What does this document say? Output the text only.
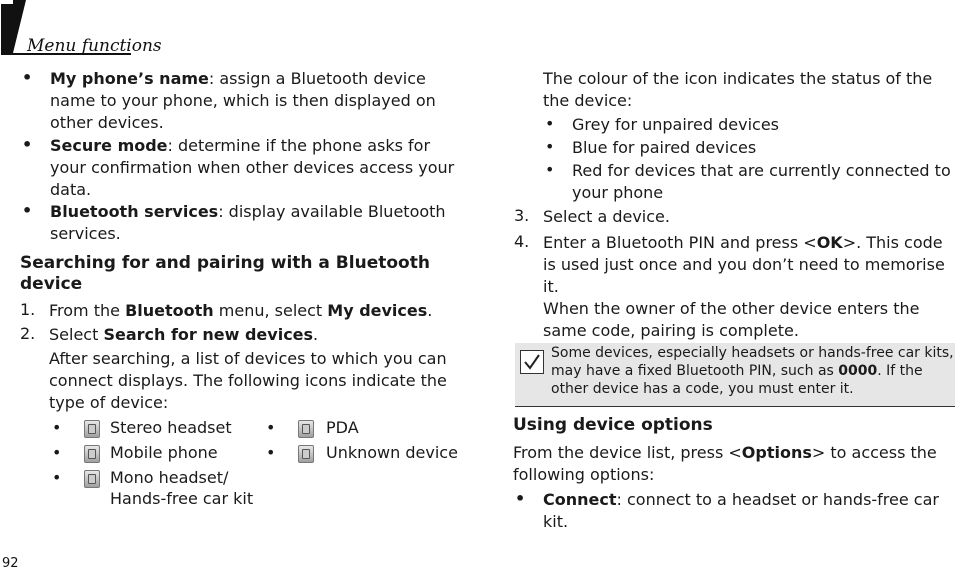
Menu functions
• My phone’s name: assign a Bluetooth device name to your phone, which is then displayed on other devices.
• Secure mode: determine if the phone asks for your confirmation when other devices access your data.
• Bluetooth services: display available Bluetooth services.
Searching for and pairing with a Bluetooth device
1. From the Bluetooth menu, select My devices.
2. Select Search for new devices.
After searching, a list of devices to which you can connect displays. The following icons indicate the type of device:
•	Stereo headset •	PDA
•	Mobile phone	•	Unknown device
•	Mono headset/
Hands-free car kit
The colour of the icon indicates the status of the the device:
• Grey for unpaired devices
• Blue for paired devices
• Red for devices that are currently connected to your phone
3. Select a device.
4. Enter a Bluetooth PIN and press <OK>. This code is used just once and you don’t need to memorise it.
When the owner of the other device enters the same code, pairing is complete.
Some devices, especially headsets or hands-free car kits, may have a fixed Bluetooth PIN, such as 0000. If the other device has a code, you must enter it.
Using device options
From the device list, press <Options> to access the following options:
• Connect: connect to a headset or hands-free car kit.
92
